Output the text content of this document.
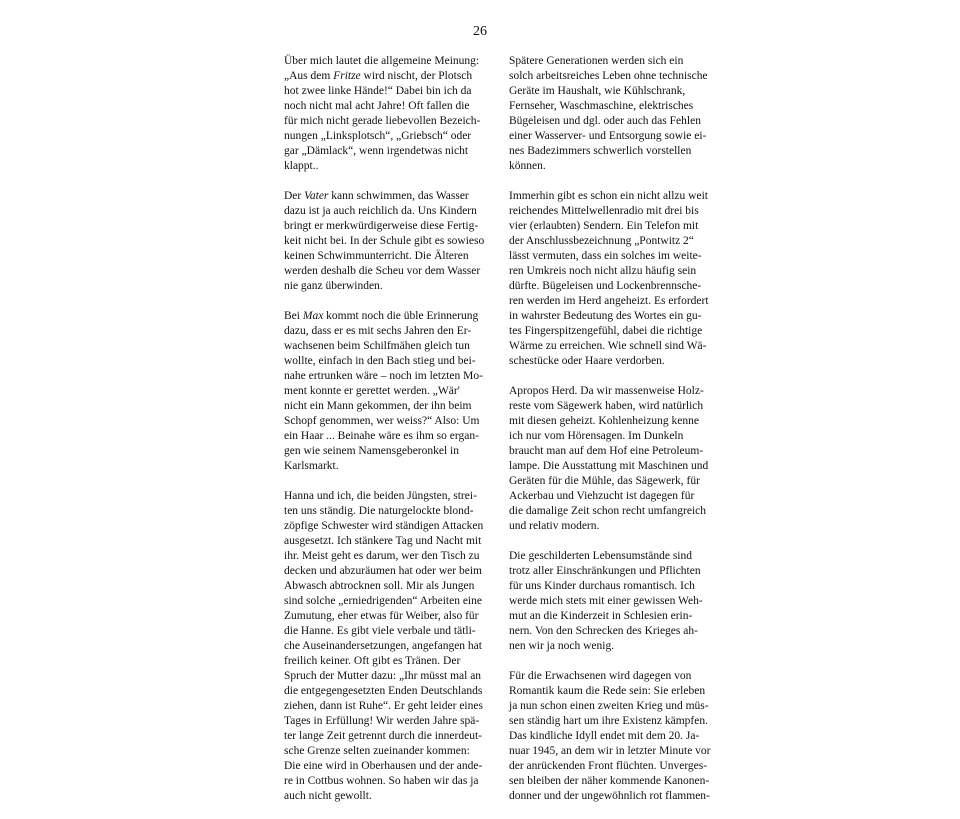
26
Über mich lautet die allgemeine Meinung:
„Aus dem Fritze wird nischt, der Plotsch
hot zwee linke Hände!“ Dabei bin ich da
noch nicht mal acht Jahre! Oft fallen die
für mich nicht gerade liebevollen Bezeich-
nungen „Linksplotsch“, „Griebsch“ oder
gar „Dämlack“, wenn irgendetwas nicht
klappt..
Der Vater kann schwimmen, das Wasser
dazu ist ja auch reichlich da. Uns Kindern
bringt er merkwürdigerweise diese Fertig-
keit nicht bei. In der Schule gibt es sowieso
keinen Schwimmunterricht. Die Älteren
werden deshalb die Scheu vor dem Wasser
nie ganz überwinden.
Bei Max kommt noch die üble Erinnerung
dazu, dass er es mit sechs Jahren den Er-
wachsenen beim Schilfmähen gleich tun
wollte, einfach in den Bach stieg und bei-
nahe ertrunken wäre – noch im letzten Mo-
ment konnte er gerettet werden. „Wär'
nicht ein Mann gekommen, der ihn beim
Schopf genommen, wer weiss?“ Also: Um
ein Haar ... Beinahe wäre es ihm so ergan-
gen wie seinem Namensgeberonkel in
Karlsmarkt.
Hanna und ich, die beiden Jüngsten, strei-
ten uns ständig. Die naturgelockte blond-
zöpfige Schwester wird ständigen Attacken
ausgesetzt. Ich stänkere Tag und Nacht mit
ihr. Meist geht es darum, wer den Tisch zu
decken und abzuräumen hat oder wer beim
Abwasch abtrocknen soll. Mir als Jungen
sind solche „erniedrigenden“ Arbeiten eine
Zumutung, eher etwas für Weiber, also für
die Hanne. Es gibt viele verbale und tätli-
che Auseinandersetzungen, angefangen hat
freilich keiner. Oft gibt es Tränen. Der
Spruch der Mutter dazu: „Ihr müsst mal an
die entgegengesetzten Enden Deutschlands
ziehen, dann ist Ruhe“. Er geht leider eines
Tages in Erfüllung! Wir werden Jahre spä-
ter lange Zeit getrennt durch die innerdeut-
sche Grenze selten zueinander kommen:
Die eine wird in Oberhausen und der ande-
re in Cottbus wohnen. So haben wir das ja
auch nicht gewollt.
Spätere Generationen werden sich ein
solch arbeitsreiches Leben ohne technische
Geräte im Haushalt, wie Kühlschrank,
Fernseher, Waschmaschine, elektrisches
Bügeleisen und dgl. oder auch das Fehlen
einer Wasserver- und Entsorgung sowie ei-
nes Badezimmers schwerlich vorstellen
können.
Immerhin gibt es schon ein nicht allzu weit
reichendes Mittelwellenradio mit drei bis
vier (erlaubten) Sendern. Ein Telefon mit
der Anschlussbezeichnung „Pontwitz 2“
lässt vermuten, dass ein solches im weite-
ren Umkreis noch nicht allzu häufig sein
dürfte. Bügeleisen und Lockenbrennsche-
ren werden im Herd angeheizt. Es erfordert
in wahrster Bedeutung des Wortes ein gu-
tes Fingerspitzengefühl, dabei die richtige
Wärme zu erreichen. Wie schnell sind Wä-
schestücke oder Haare verdorben.
Apropos Herd. Da wir massenweise Holz-
reste vom Sägewerk haben, wird natürlich
mit diesen geheizt. Kohlenheizung kenne
ich nur vom Hörensagen. Im Dunkeln
braucht man auf dem Hof eine Petroleum-
lampe. Die Ausstattung mit Maschinen und
Geräten für die Mühle, das Sägewerk, für
Ackerbau und Viehzucht ist dagegen für
die damalige Zeit schon recht umfangreich
und relativ modern.
Die geschilderten Lebensumstände sind
trotz aller Einschränkungen und Pflichten
für uns Kinder durchaus romantisch. Ich
werde mich stets mit einer gewissen Weh-
mut an die Kinderzeit in Schlesien erin-
nern. Von den Schrecken des Krieges ah-
nen wir ja noch wenig.
Für die Erwachsenen wird dagegen von
Romantik kaum die Rede sein: Sie erleben
ja nun schon einen zweiten Krieg und müs-
sen ständig hart um ihre Existenz kämpfen.
Das kindliche Idyll endet mit dem 20. Ja-
nuar 1945, an dem wir in letzter Minute vor
der anrückenden Front flüchten. Unverges-
sen bleiben der näher kommende Kanonen-
donner und der ungewöhnlich rot flammen-
